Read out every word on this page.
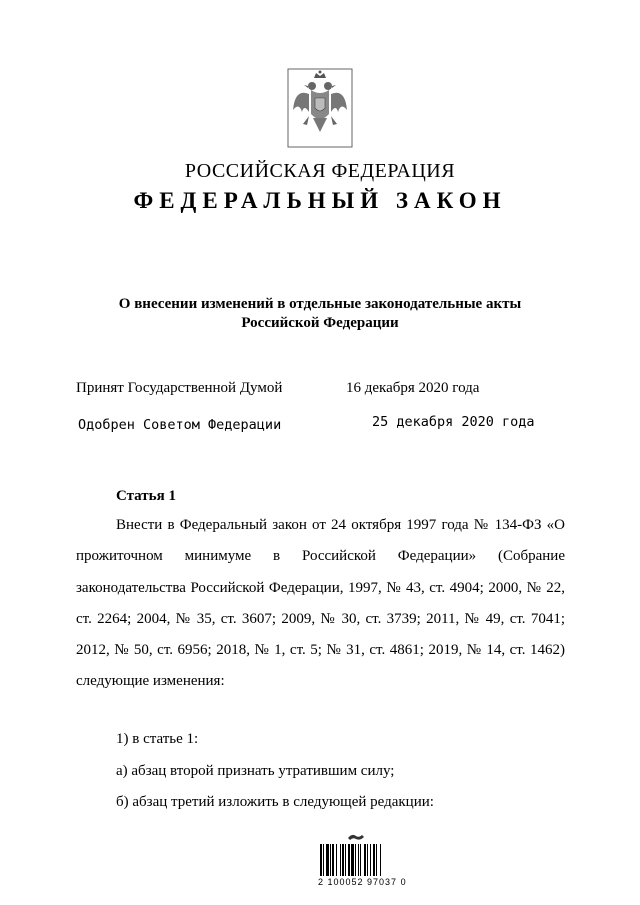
РОССИЙСКАЯ ФЕДЕРАЦИЯ
ФЕДЕРАЛЬНЫЙ ЗАКОН
О внесении изменений в отдельные законодательные акты
Российской Федерации
Принят Государственной Думой	16 декабря 2020 года
Одобрен Советом Федерации	25 декабря 2020 года
Статья 1

Внести в Федеральный закон от 24 октября 1997 года № 134-ФЗ «О прожиточном минимуме в Российской Федерации» (Собрание законодательства Российской Федерации, 1997, № 43, ст. 4904; 2000, № 22, ст. 2264; 2004, № 35, ст. 3607; 2009, № 30, ст. 3739; 2011, № 49, ст. 7041; 2012, № 50, ст. 6956; 2018, № 1, ст. 5; № 31, ст. 4861; 2019, № 14, ст. 1462) следующие изменения:

1) в статье 1:
а) абзац второй признать утратившим силу;
б) абзац третий изложить в следующей редакции:
2 100052 97037 0
